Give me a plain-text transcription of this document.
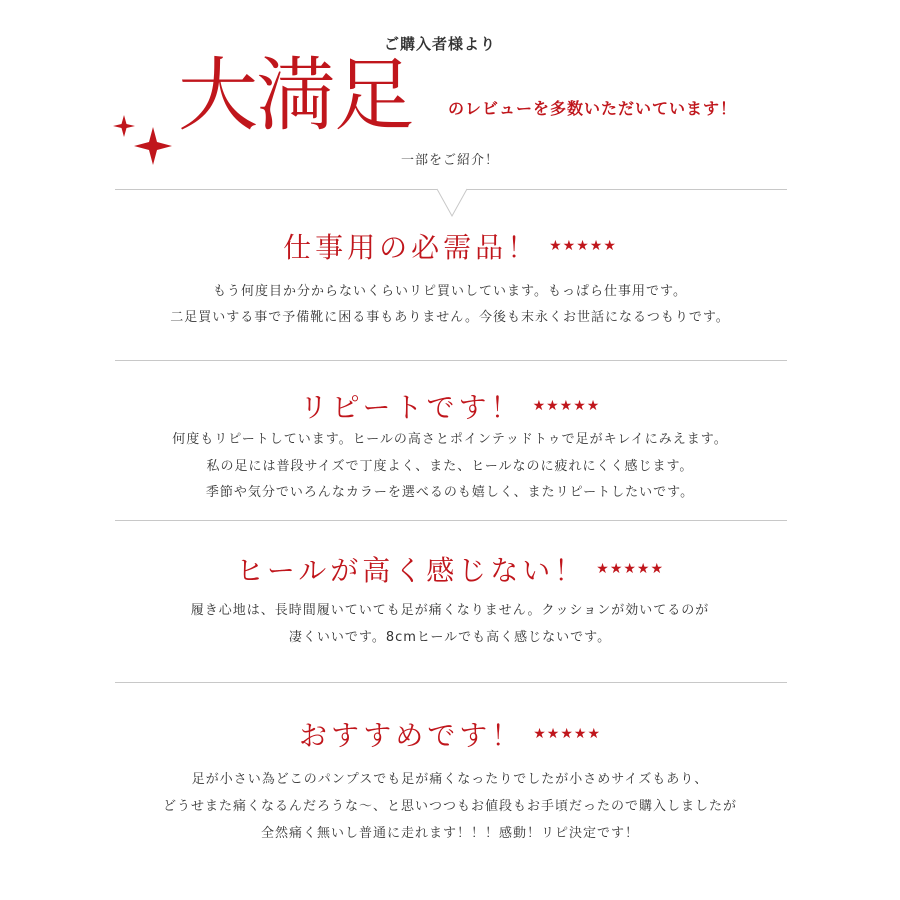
ご購入者様より
大満足 のレビューを多数いただいています！
一部をご紹介！
仕事用の必需品！ ★★★★★
もう何度目か分からないくらいリピ買いしています。もっぱら仕事用です。
二足買いする事で予備靴に困る事もありません。今後も末永くお世話になるつもりです。
リピートです！ ★★★★★
何度もリピートしています。ヒールの高さとポインテッドトゥで足がキレイにみえます。
私の足には普段サイズで丁度よく、また、ヒールなのに疲れにくく感じます。
季節や気分でいろんなカラーを選べるのも嬉しく、またリピートしたいです。
ヒールが高く感じない！ ★★★★★
履き心地は、長時間履いていても足が痛くなりません。クッションが効いてるのが
凄くいいです。8cmヒールでも高く感じないです。
おすすめです！ ★★★★★
足が小さい為どこのパンプスでも足が痛くなったりでしたが小さめサイズもあり、
どうせまた痛くなるんだろうな～、と思いつつもお値段もお手頃だったので購入しましたが
全然痛く無いし普通に走れます！！！感動！リピ決定です！
